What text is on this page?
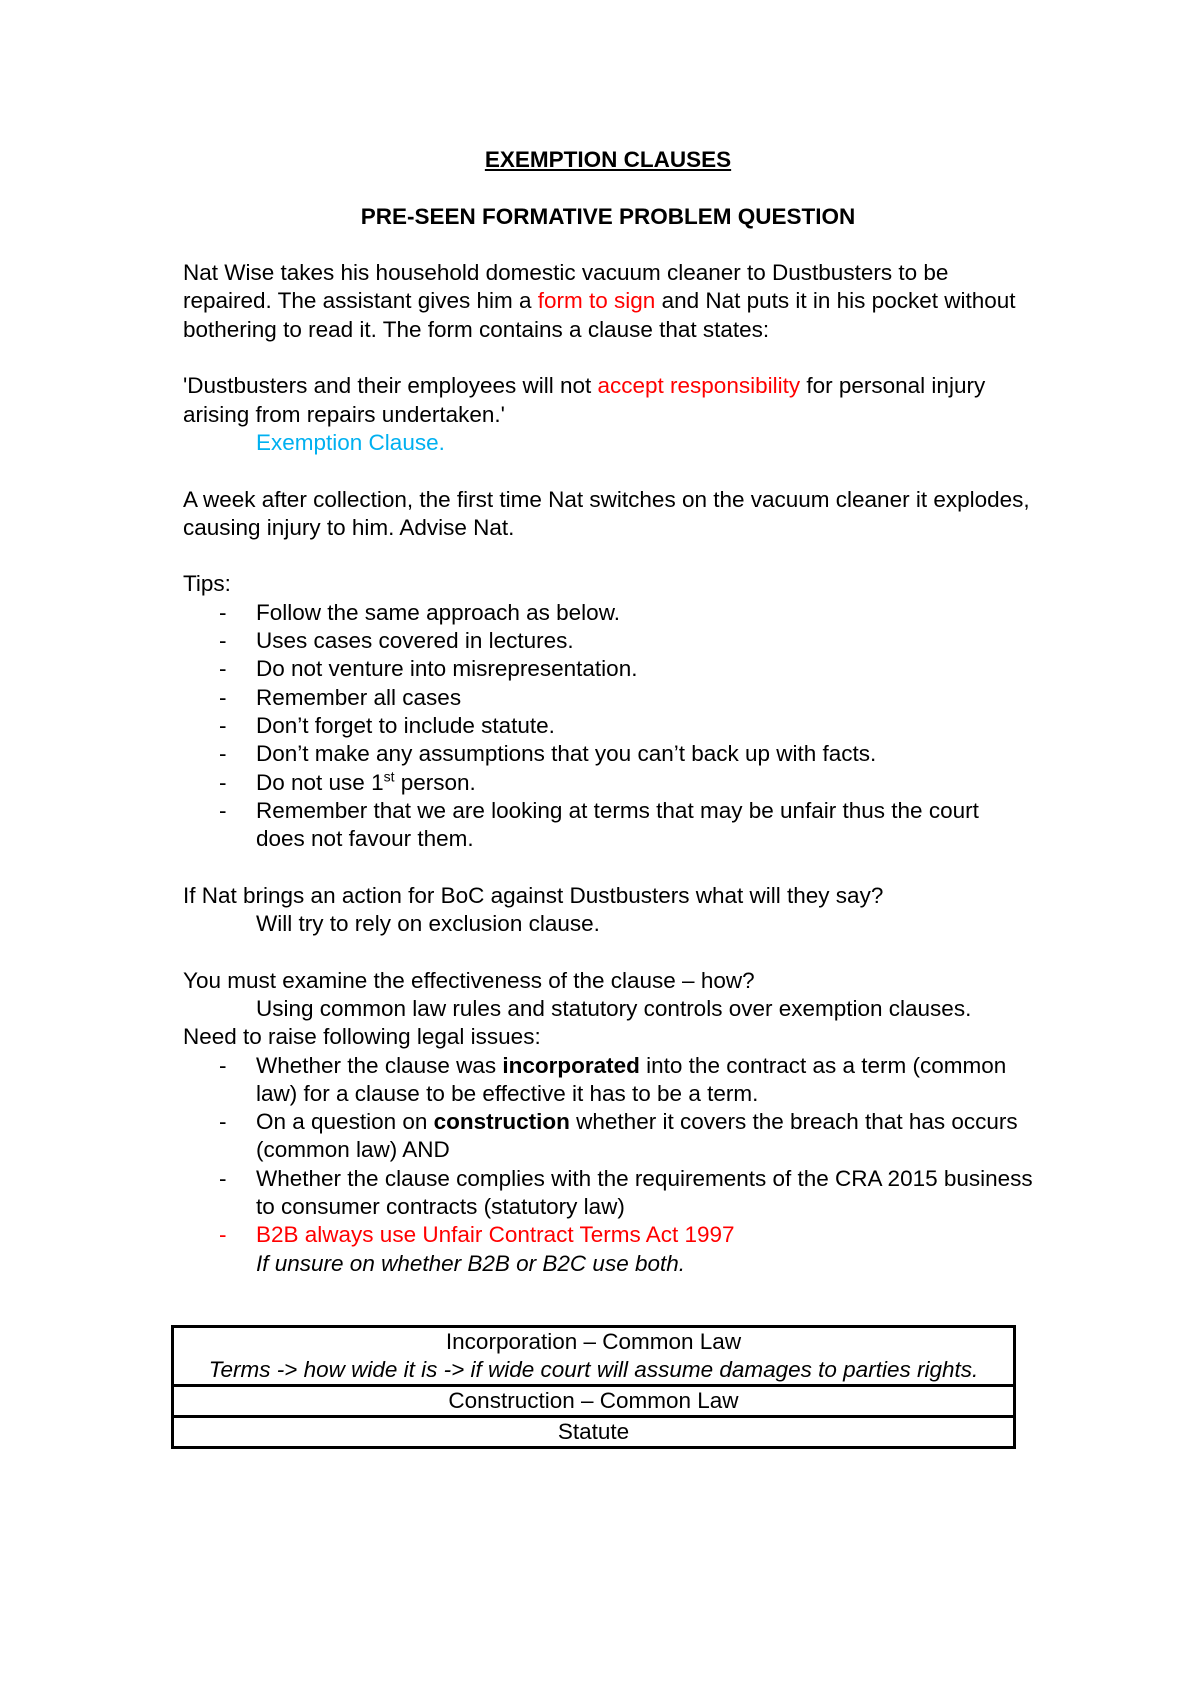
EXEMPTION CLAUSES

PRE-SEEN FORMATIVE PROBLEM QUESTION

Nat Wise takes his household domestic vacuum cleaner to Dustbusters to be repaired. The assistant gives him a form to sign and Nat puts it in his pocket without bothering to read it. The form contains a clause that states:

'Dustbusters and their employees will not accept responsibility for personal injury arising from repairs undertaken.'

Exemption Clause.

A week after collection, the first time Nat switches on the vacuum cleaner it explodes, causing injury to him. Advise Nat.

Tips:

- Follow the same approach as below.
- Uses cases covered in lectures.
- Do not venture into misrepresentation.
- Remember all cases
- Don’t forget to include statute.
- Don’t make any assumptions that you can’t back up with facts.
- Do not use 1st person.
- Remember that we are looking at terms that may be unfair thus the court does not favour them.

If Nat brings an action for BoC against Dustbusters what will they say?

Will try to rely on exclusion clause.

You must examine the effectiveness of the clause – how?

Using common law rules and statutory controls over exemption clauses.

Need to raise following legal issues:

- Whether the clause was incorporated into the contract as a term (common law) for a clause to be effective it has to be a term.
- On a question on construction whether it covers the breach that has occurs (common law) AND
- Whether the clause complies with the requirements of the CRA 2015 business to consumer contracts (statutory law)
- B2B always use Unfair Contract Terms Act 1997

If unsure on whether B2B or B2C use both.

Incorporation – Common Law
Terms -> how wide it is -> if wide court will assume damages to parties rights.

Construction – Common Law
Statute
